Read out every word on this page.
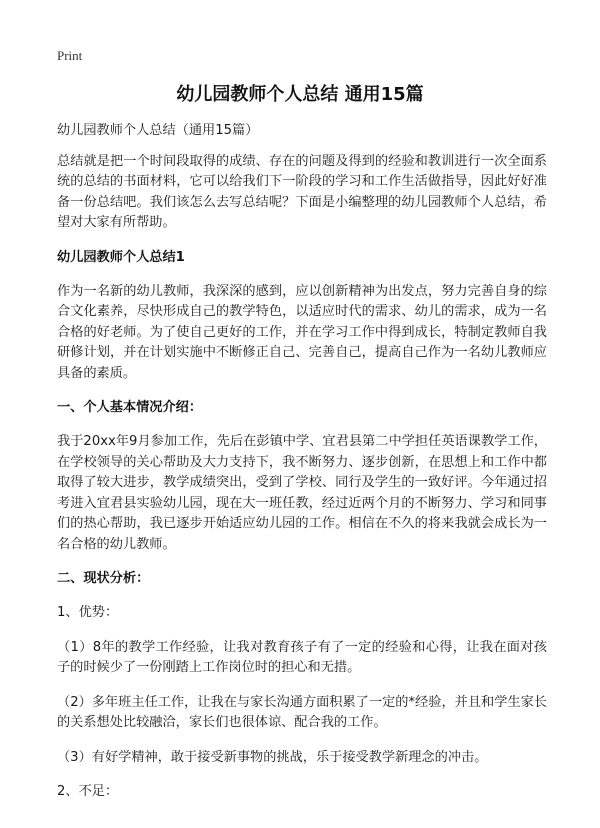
Print

幼儿园教师个人总结 通用15篇

幼儿园教师个人总结（通用15篇）

总结就是把一个时间段取得的成绩、存在的问题及得到的经验和教训进行一次全面系统的总结的书面材料，它可以给我们下一阶段的学习和工作生活做指导，因此好好准备一份总结吧。我们该怎么去写总结呢？下面是小编整理的幼儿园教师个人总结，希望对大家有所帮助。

幼儿园教师个人总结1

作为一名新的幼儿教师，我深深的感到，应以创新精神为出发点，努力完善自身的综合文化素养，尽快形成自己的教学特色，以适应时代的需求、幼儿的需求，成为一名合格的好老师。为了使自己更好的工作，并在学习工作中得到成长，特制定教师自我研修计划，并在计划实施中不断修正自己、完善自己，提高自己作为一名幼儿教师应具备的素质。

一、个人基本情况介绍：

我于20xx年9月参加工作，先后在彭镇中学、宜君县第二中学担任英语课教学工作，在学校领导的关心帮助及大力支持下，我不断努力、逐步创新，在思想上和工作中都取得了较大进步，教学成绩突出，受到了学校、同行及学生的一致好评。今年通过招考进入宜君县实验幼儿园，现在大一班任教，经过近两个月的不断努力、学习和同事们的热心帮助，我已逐步开始适应幼儿园的工作。相信在不久的将来我就会成长为一名合格的幼儿教师。

二、现状分析：

1、优势：

（1）8年的教学工作经验，让我对教育孩子有了一定的经验和心得，让我在面对孩子的时候少了一份刚踏上工作岗位时的担心和无措。

（2）多年班主任工作，让我在与家长沟通方面积累了一定的*经验，并且和学生家长的关系想处比较融洽，家长们也很体谅、配合我的工作。

（3）有好学精神，敢于接受新事物的挑战，乐于接受教学新理念的冲击。

2、不足：
